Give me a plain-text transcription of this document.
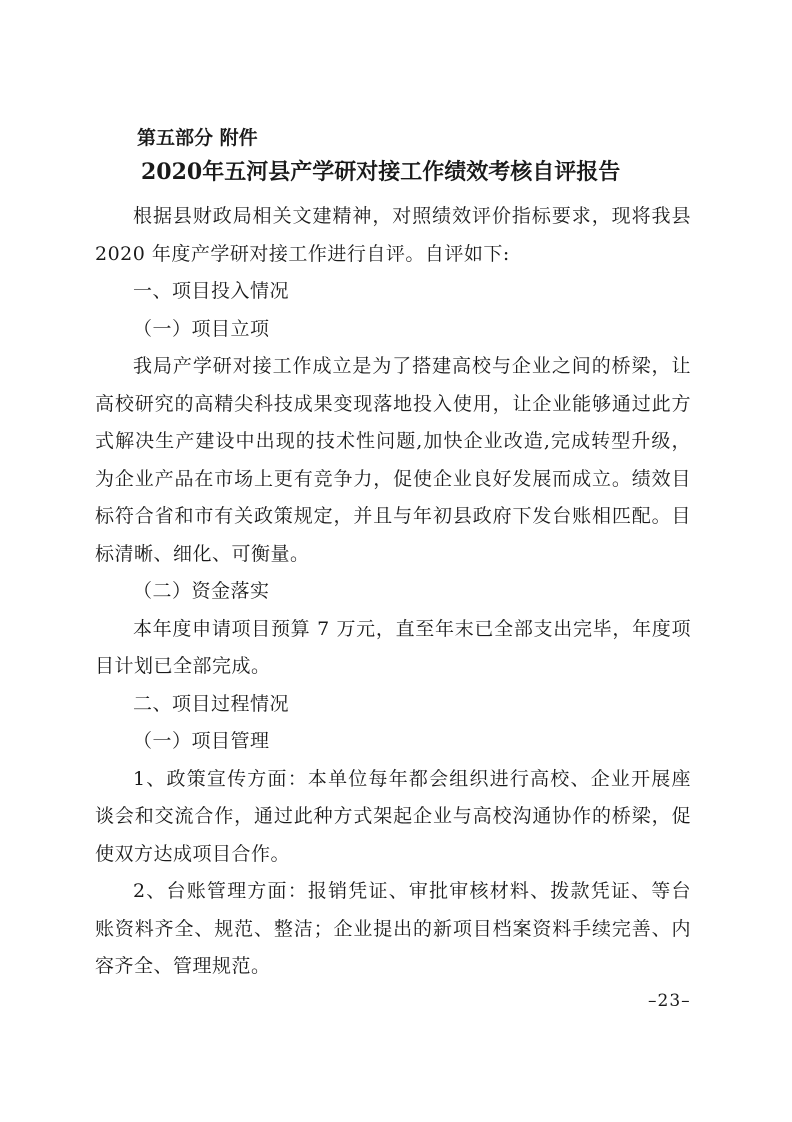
第五部分 附件
2020年五河县产学研对接工作绩效考核自评报告

根据县财政局相关文建精神，对照绩效评价指标要求，现将我县 2020 年度产学研对接工作进行自评。自评如下:

一、项目投入情况

（一）项目立项

我局产学研对接工作成立是为了搭建高校与企业之间的桥梁，让高校研究的高精尖科技成果变现落地投入使用，让企业能够通过此方式解决生产建设中出现的技术性问题,加快企业改造,完成转型升级，为企业产品在市场上更有竞争力，促使企业良好发展而成立。绩效目标符合省和市有关政策规定，并且与年初县政府下发台账相匹配。目标清晰、细化、可衡量。

（二）资金落实

本年度申请项目预算 7 万元，直至年末已全部支出完毕，年度项目计划已全部完成。

二、项目过程情况

（一）项目管理

1、政策宣传方面：本单位每年都会组织进行高校、企业开展座谈会和交流合作，通过此种方式架起企业与高校沟通协作的桥梁，促使双方达成项目合作。

2、台账管理方面：报销凭证、审批审核材料、拨款凭证、等台账资料齐全、规范、整洁；企业提出的新项目档案资料手续完善、内容齐全、管理规范。

–23–
